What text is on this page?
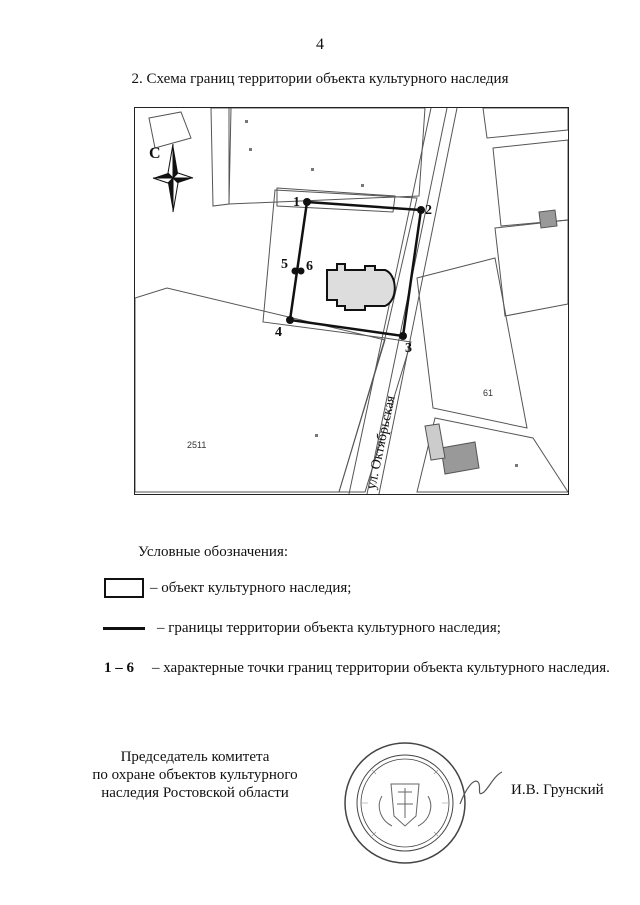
4
2. Схема границ территории объекта культурного наследия
1
2
3
4
5 6
61
2511	ул. Октябрьская
С
Условные обозначения:
– объект культурного наследия;
– границы территории объекта культурного наследия;
1 – 6 – характерные точки границ территории объекта культурного наследия.
Председатель комитета
по охране объектов культурного
наследия Ростовской области	И.В. Грунский
